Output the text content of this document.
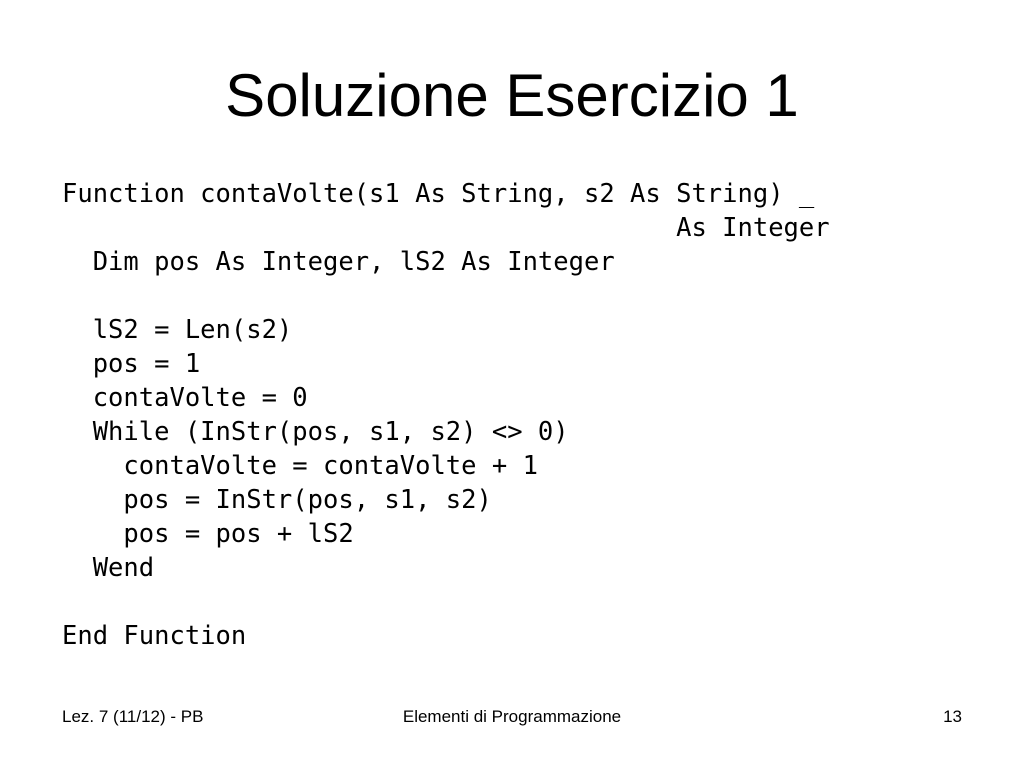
Soluzione Esercizio 1
Function contaVolte(s1 As String, s2 As String) _
As Integer
Dim pos As Integer, lS2 As Integer
lS2 = Len(s2)
pos = 1
contaVolte = 0
While (InStr(pos, s1, s2) <> 0)
contaVolte = contaVolte + 1
pos = InStr(pos, s1, s2)
pos = pos + lS2
Wend
End Function
Lez. 7 (11/12) - PB	Elementi di Programmazione	13
